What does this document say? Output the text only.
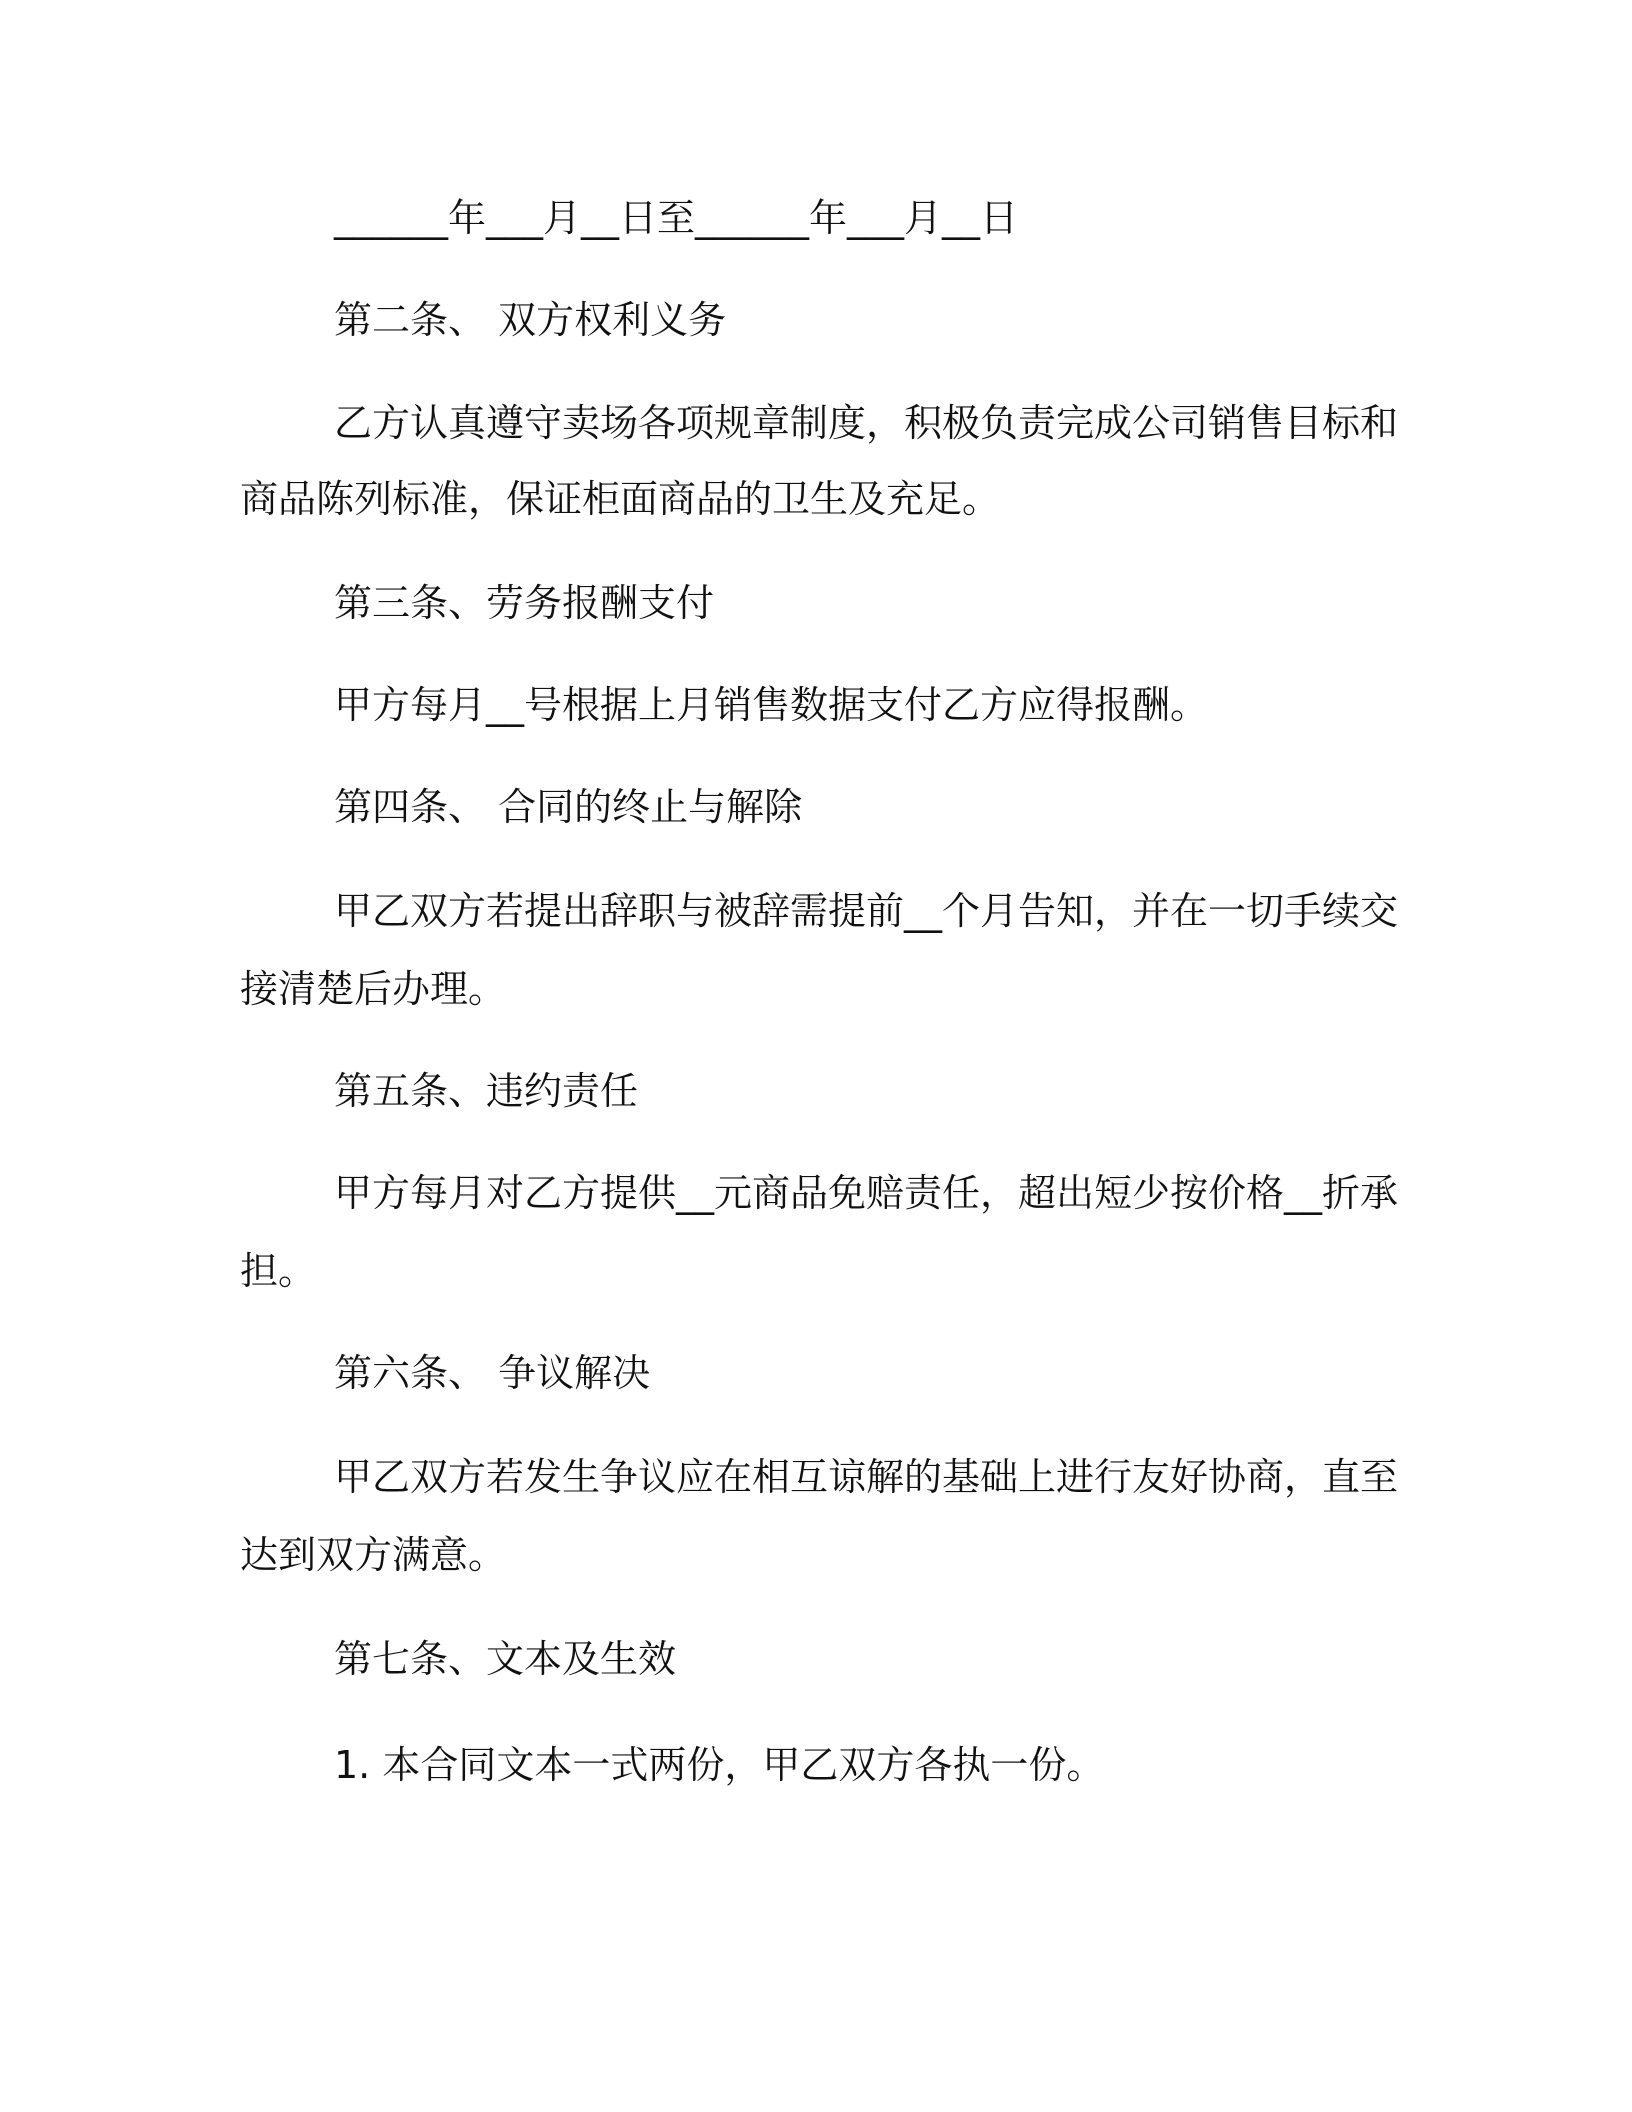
______年___月__日至______年___月__日
第二条、 双方权利义务
乙方认真遵守卖场各项规章制度，积极负责完成公司销售目标和
商品陈列标准，保证柜面商品的卫生及充足。
第三条、劳务报酬支付
甲方每月__号根据上月销售数据支付乙方应得报酬。
第四条、 合同的终止与解除
甲乙双方若提出辞职与被辞需提前__个月告知，并在一切手续交
接清楚后办理。
第五条、违约责任
甲方每月对乙方提供__元商品免赔责任，超出短少按价格__折承
担。
第六条、 争议解决
甲乙双方若发生争议应在相互谅解的基础上进行友好协商，直至
达到双方满意。
第七条、文本及生效
1. 本合同文本一式两份，甲乙双方各执一份。
